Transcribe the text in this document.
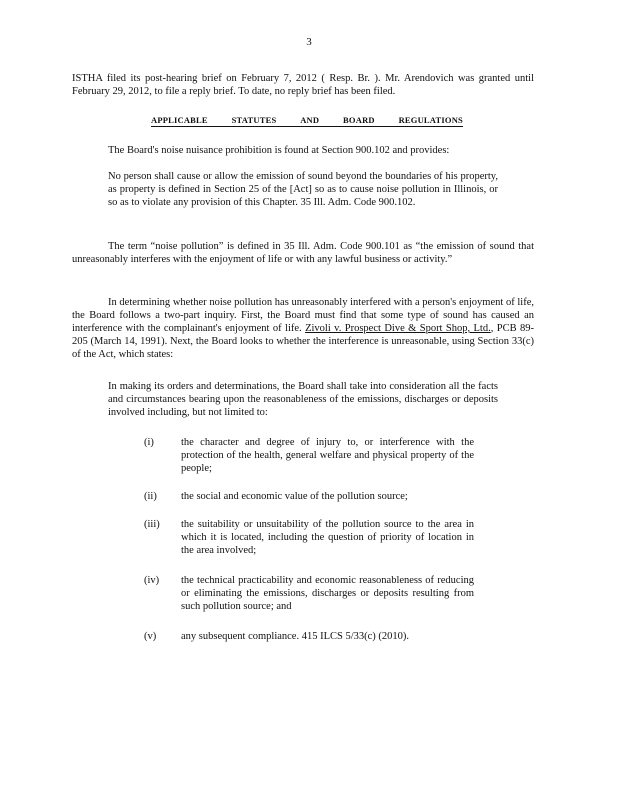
3
ISTHA filed its post-hearing brief on February 7, 2012 ( Resp. Br. ). Mr. Arendovich was granted until February 29, 2012, to file a reply brief. To date, no reply brief has been filed.
APPLICABLE	STATUTES	AND	BOARD	REGULATIONS
The Board's noise nuisance prohibition is found at Section 900.102 and provides:
No person shall cause or allow the emission of sound beyond the boundaries of his property, as property is defined in Section 25 of the [Act] so as to cause noise pollution in Illinois, or so as to violate any provision of this Chapter. 35 Ill. Adm. Code 900.102.
The term “noise pollution” is defined in 35 Ill. Adm. Code 900.101 as “the emission of sound that unreasonably interferes with the enjoyment of life or with any lawful business or activity.”
In determining whether noise pollution has unreasonably interfered with a person's enjoyment of life, the Board follows a two-part inquiry. First, the Board must find that some type of sound has caused an interference with the complainant's enjoyment of life. Zivoli v. Prospect Dive & Sport Shop, Ltd., PCB 89-205 (March 14, 1991). Next, the Board looks to whether the interference is unreasonable, using Section 33(c) of the Act, which states:
In making its orders and determinations, the Board shall take into consideration all the facts and circumstances bearing upon the reasonableness of the emissions, discharges or deposits involved including, but not limited to:
(i)	the character and degree of injury to, or interference with the protection of the health, general welfare and physical property of the people;
(ii)	the social and economic value of the pollution source;
(iii)	the suitability or unsuitability of the pollution source to the area in which it is located, including the question of priority of location in the area involved;
(iv)	the technical practicability and economic reasonableness of reducing or eliminating the emissions, discharges or deposits resulting from such pollution source; and
(v)	any subsequent compliance. 415 ILCS 5/33(c) (2010).
